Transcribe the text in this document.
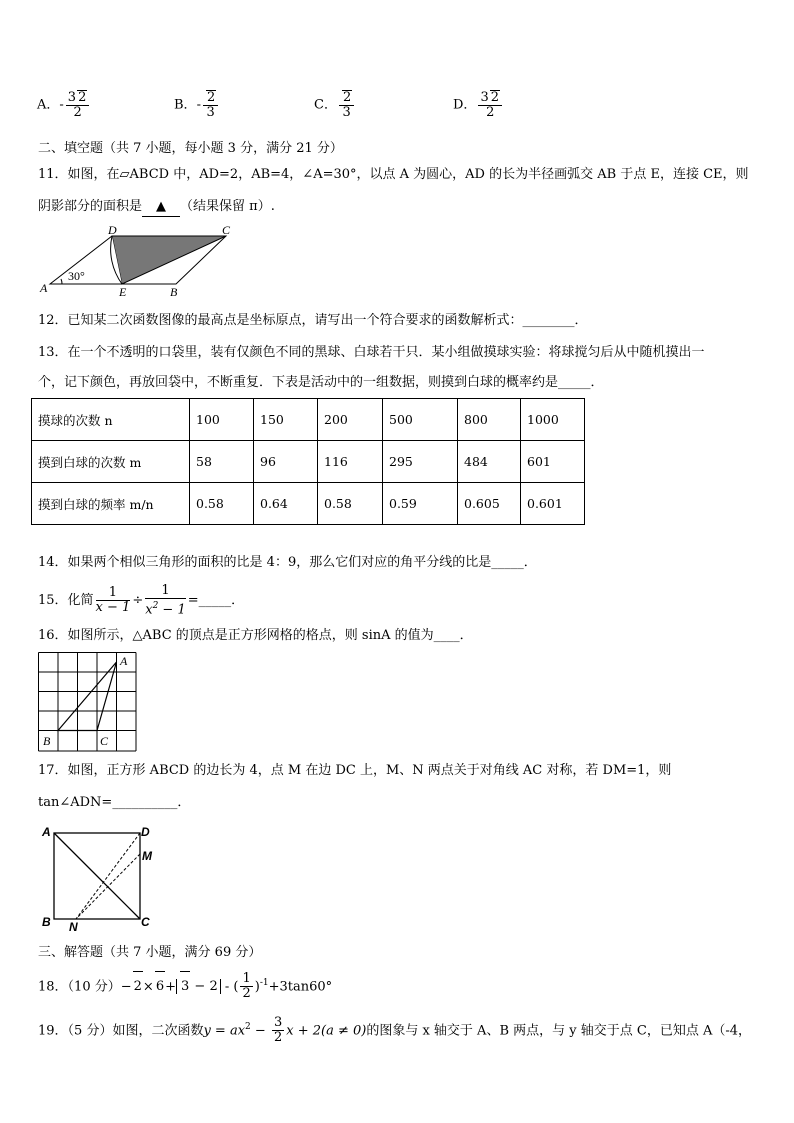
A．- $\frac{3 2}{2}$	B．- $\frac{2}{3}$	C． $\frac{2}{3}$	D． $\frac{3 2}{2}$
二、填空题（共 7 小题，每小题 3 分，满分 21 分）
11．如图，在▱ABCD 中，AD=2，AB=4，∠A=30°，以点 A 为圆心，AD 的长为半径画弧交 AB 于点 E，连接 CE，则
阴影部分的面积是 ▲ （结果保留 π）.
30°
A	B
C
D
E
12．已知某二次函数图像的最高点是坐标原点，请写出一个符合要求的函数解析式：________．
13．在一个不透明的口袋里，装有仅颜色不同的黑球、白球若干只．某小组做摸球实验：将球搅匀后从中随机摸出一
个，记下颜色，再放回袋中，不断重复．下表是活动中的一组数据，则摸到白球的概率约是_____．
摸球的次数 n	100	150	200	500	800	1000
摸到白球的次数 m	58	96	116	295	484	601
摸到白球的频率 m/n	0.58	0.64	0.58	0.59	0.605	0.601
14．如果两个相似三角形的面积的比是 4：9，那么它们对应的角平分线的比是_____．
15．化简 $\frac{1}{x - 1} \div \frac{1}{x^2 - 1}$ =_____．
16．如图所示，△ABC 的顶点是正方形网格的格点，则 sinA 的值为____．
A
B	C
17．如图，正方形 ABCD 的边长为 4，点 M 在边 DC 上，M、N 两点关于对角线 AC 对称，若 DM=1，则
tan∠ADN=__________．
A
B	C
D
M
N
三、解答题（共 7 小题，满分 69 分）
18．（10 分）− 2× 6+ 3 − 2 - ( $\frac{1}{2} )^{-1}+3\tan 60^\circ$
19．（5 分）如图，二次函数$y = ax^2 - \frac{3}{2}$ x + 2(a ≠ 0)的图象与 x 轴交于 A、B 两点，与 y 轴交于点 C，已知点 A（-4，
